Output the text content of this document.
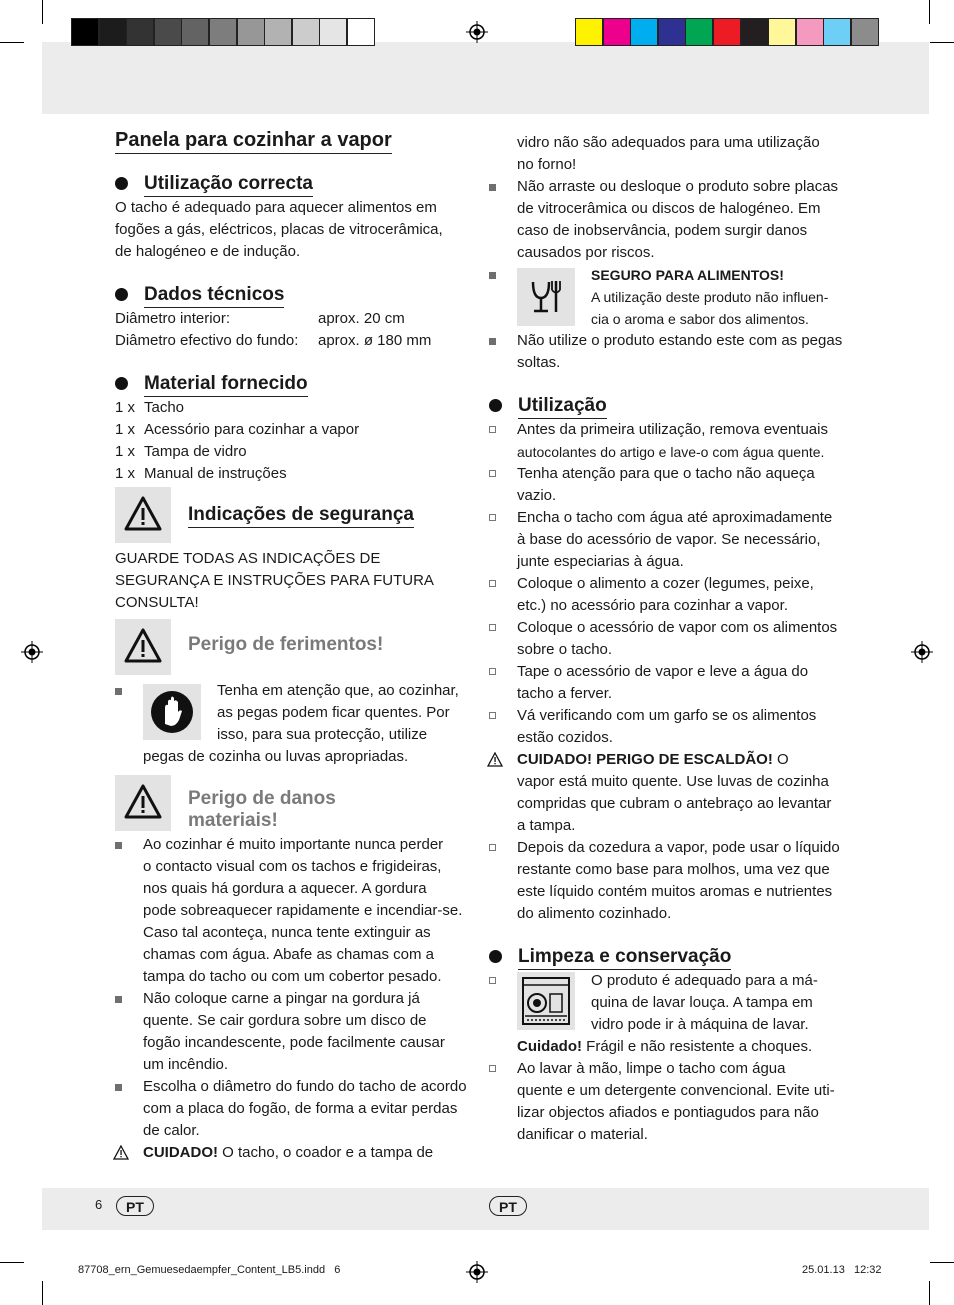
Panela para cozinhar a vapor
Utilização correcta
O tacho é adequado para aquecer alimentos em
fogões a gás, eléctricos, placas de vitrocerâmica,
de halogéneo e de indução.
Dados técnicos
Diâmetro interior:	aprox. 20 cm
Diâmetro efectivo do fundo:	aprox. ø 180 mm
Material fornecido
1 x	Tacho
1 x	Acessório para cozinhar a vapor
1 x	Tampa de vidro
1 x	Manual de instruções
Indicações de segurança
GUARDE TODAS AS INDICAÇÕES DE
SEGURANÇA E INSTRUÇÕES PARA FUTURA
CONSULTA!
Perigo de ferimentos!
Tenha em atenção que, ao cozinhar,
as pegas podem ficar quentes. Por
isso, para sua protecção, utilize
pegas de cozinha ou luvas apropriadas.
Perigo de danos
materiais!
Ao cozinhar é muito importante nunca perder
o contacto visual com os tachos e frigideiras,
nos quais há gordura a aquecer. A gordura
pode sobreaquecer rapidamente e incendiar-se.
Caso tal aconteça, nunca tente extinguir as
chamas com água. Abafe as chamas com a
tampa do tacho ou com um cobertor pesado.
Não coloque carne a pingar na gordura já
quente. Se cair gordura sobre um disco de
fogão incandescente, pode facilmente causar
um incêndio.
Escolha o diâmetro do fundo do tacho de acordo
com a placa do fogão, de forma a evitar perdas
de calor.
CUIDADO! O tacho, o coador e a tampa de
vidro não são adequados para uma utilização
no forno!
Não arraste ou desloque o produto sobre placas
de vitrocerâmica ou discos de halogéneo. Em
caso de inobservância, podem surgir danos
causados por riscos.
SEGURO PARA ALIMENTOS!
A utilização deste produto não influen-
cia o aroma e sabor dos alimentos.
Não utilize o produto estando este com as pegas
soltas.
Utilização
Antes da primeira utilização, remova eventuais
autocolantes do artigo e lave-o com água quente.
Tenha atenção para que o tacho não aqueça
vazio.
Encha o tacho com água até aproximadamente
à base do acessório de vapor. Se necessário,
junte especiarias à água.
Coloque o alimento a cozer (legumes, peixe,
etc.) no acessório para cozinhar a vapor.
Coloque o acessório de vapor com os alimentos
sobre o tacho.
Tape o acessório de vapor e leve a água do
tacho a ferver.
Vá verificando com um garfo se os alimentos
estão cozidos.
CUIDADO! PERIGO DE ESCALDÃO! O
vapor está muito quente. Use luvas de cozinha
compridas que cubram o antebraço ao levantar
a tampa.
Depois da cozedura a vapor, pode usar o líquido
restante como base para molhos, uma vez que
este líquido contém muitos aromas e nutrientes
do alimento cozinhado.
Limpeza e conservação
O produto é adequado para a má-
quina de lavar louça. A tampa em
vidro pode ir à máquina de lavar.
Cuidado! Frágil e não resistente a choques.
Ao lavar à mão, limpe o tacho com água
quente e um detergente convencional. Evite uti-
lizar objectos afiados e pontiagudos para não
danificar o material.
6	PT	PT
87708_ern_Gemuesedaempfer_Content_LB5.indd   6	25.01.13   12:32
